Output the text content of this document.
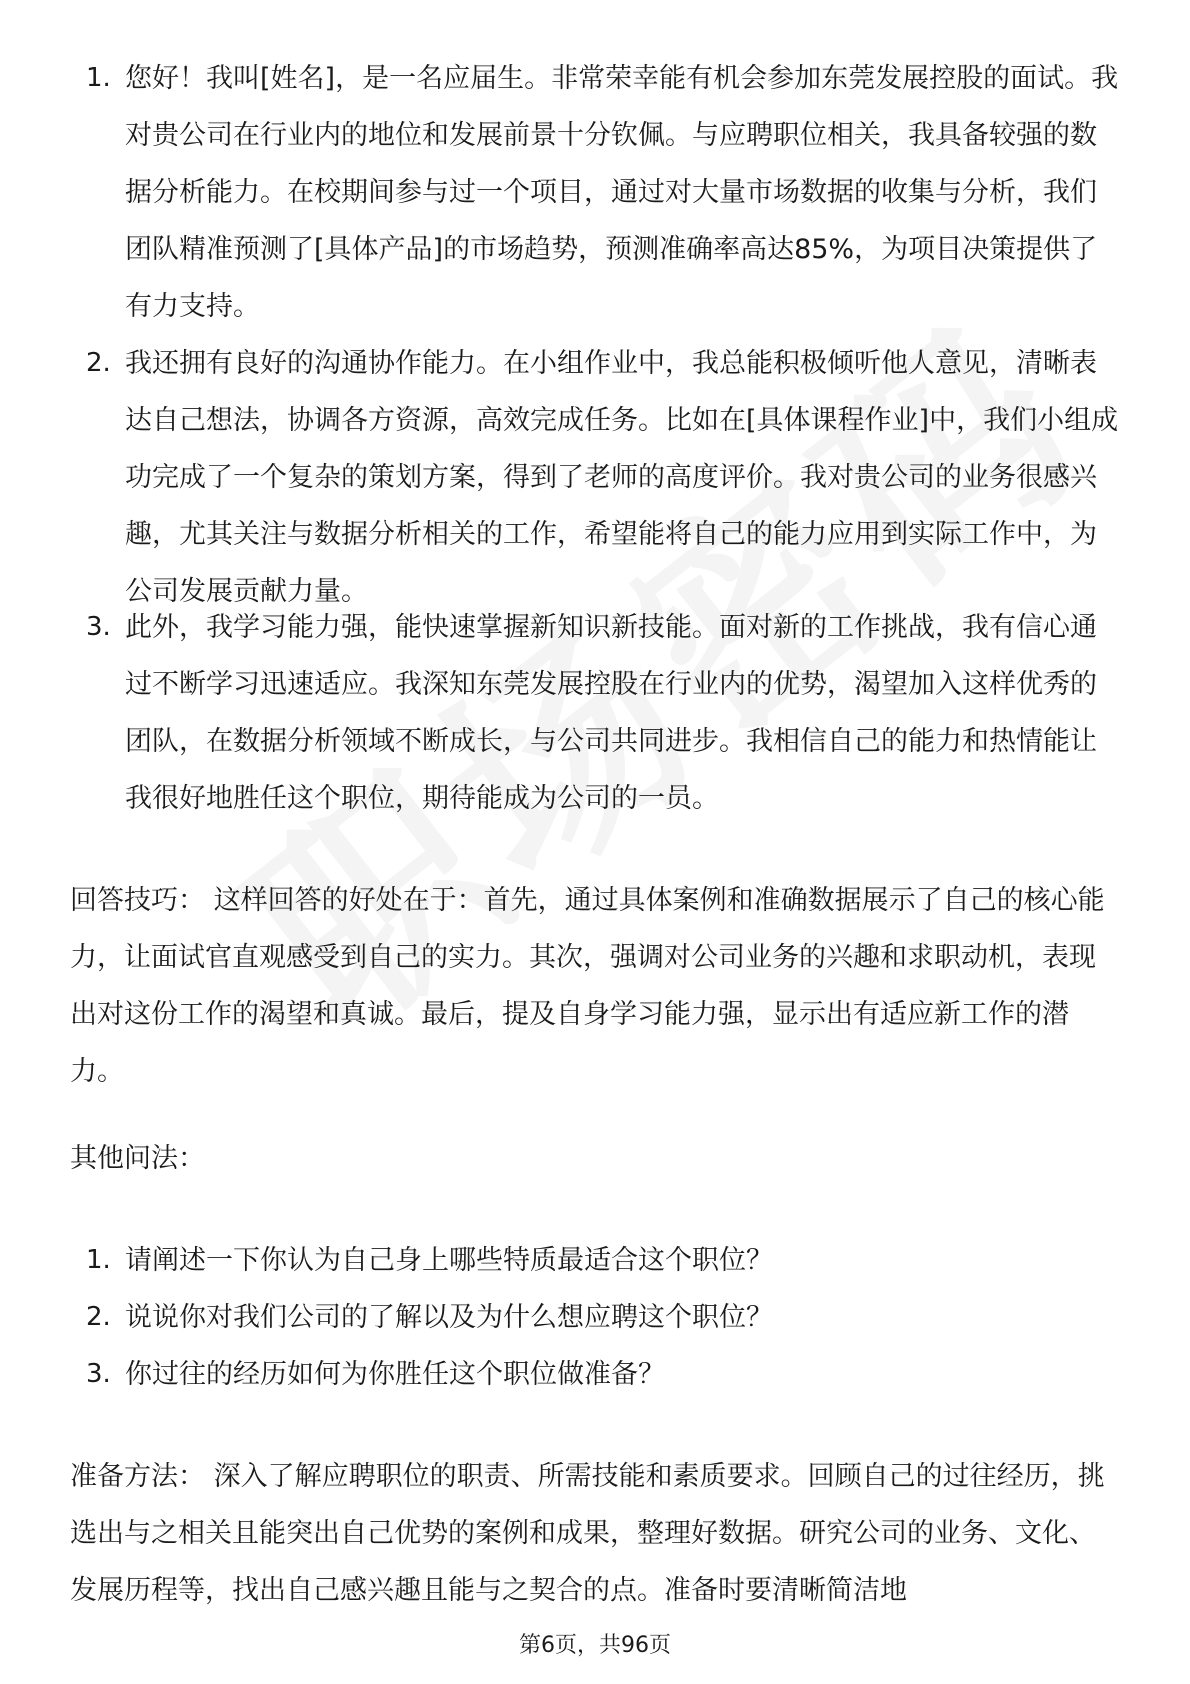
1. 您好！我叫[姓名]，是一名应届生。非常荣幸能有机会参加东莞发展控股的面试。我对贵公司在行业内的地位和发展前景十分钦佩。与应聘职位相关，我具备较强的数据分析能力。在校期间参与过一个项目，通过对大量市场数据的收集与分析，我们团队精准预测了[具体产品]的市场趋势，预测准确率高达85%，为项目决策提供了有力支持。
2. 我还拥有良好的沟通协作能力。在小组作业中，我总能积极倾听他人意见，清晰表达自己想法，协调各方资源，高效完成任务。比如在[具体课程作业]中，我们小组成功完成了一个复杂的策划方案，得到了老师的高度评价。我对贵公司的业务很感兴趣，尤其关注与数据分析相关的工作，希望能将自己的能力应用到实际工作中，为公司发展贡献力量。
3. 此外，我学习能力强，能快速掌握新知识新技能。面对新的工作挑战，我有信心通过不断学习迅速适应。我深知东莞发展控股在行业内的优势，渴望加入这样优秀的团队，在数据分析领域不断成长，与公司共同进步。我相信自己的能力和热情能让我很好地胜任这个职位，期待能成为公司的一员。

回答技巧： 这样回答的好处在于：首先，通过具体案例和准确数据展示了自己的核心能力，让面试官直观感受到自己的实力。其次，强调对公司业务的兴趣和求职动机，表现出对这份工作的渴望和真诚。最后，提及自身学习能力强，显示出有适应新工作的潜力。

其他问法：

1. 请阐述一下你认为自己身上哪些特质最适合这个职位？
2. 说说你对我们公司的了解以及为什么想应聘这个职位？
3. 你过往的经历如何为你胜任这个职位做准备？

准备方法： 深入了解应聘职位的职责、所需技能和素质要求。回顾自己的过往经历，挑选出与之相关且能突出自己优势的案例和成果，整理好数据。研究公司的业务、文化、发展历程等，找出自己感兴趣且能与之契合的点。准备时要清晰简洁地

第6页，共96页
